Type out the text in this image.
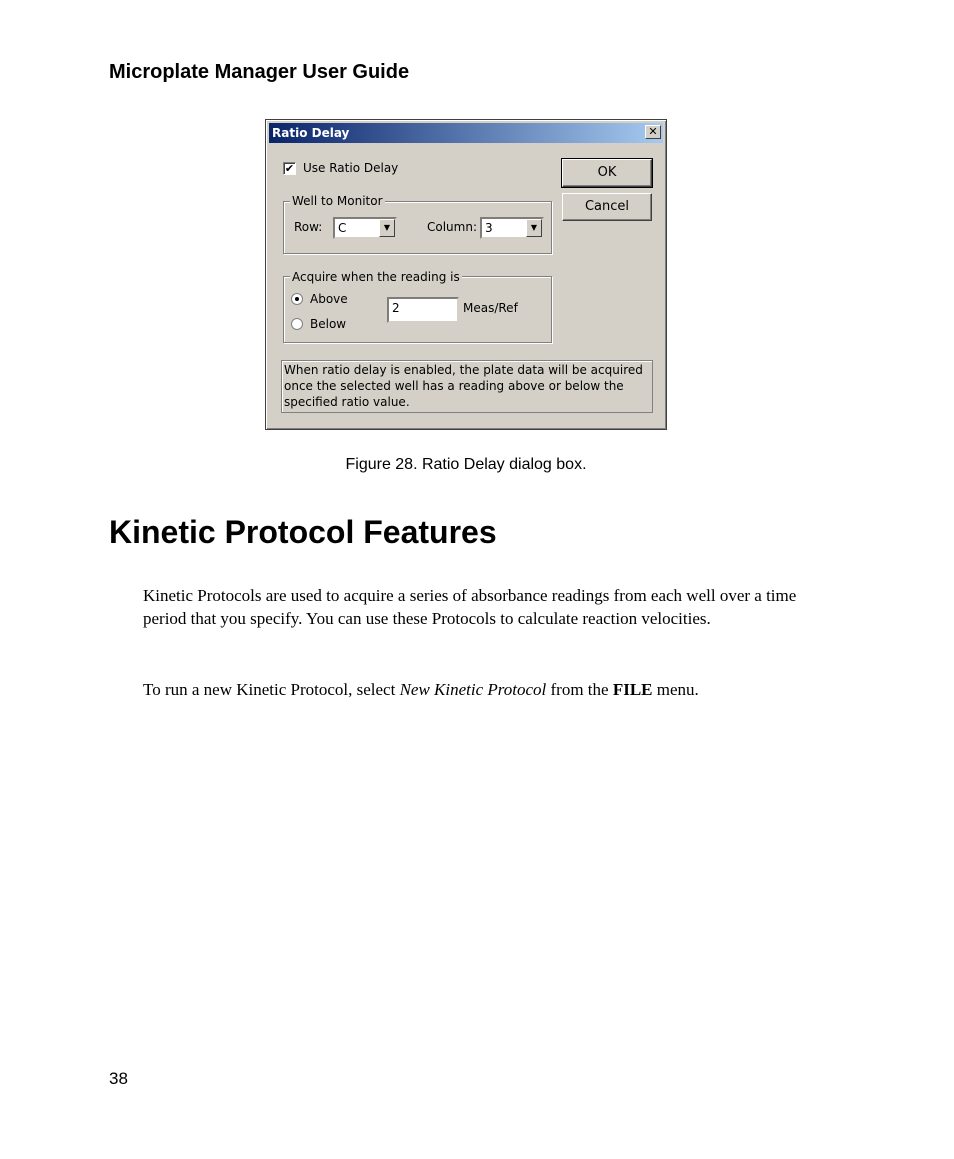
Microplate Manager User Guide
Ratio Delay	✕
✔ Use Ratio Delay	OK
Cancel
Well to Monitor
Row: C	▼	Column: 3	▼
Acquire when the reading is
Above
Below
2	Meas/Ref
When ratio delay is enabled, the plate data will be acquired once the selected well has a reading above or below the specified ratio value.
Figure 28. Ratio Delay dialog box.
Kinetic Protocol Features
Kinetic Protocols are used to acquire a series of absorbance readings from each well over a time period that you specify. You can use these Protocols to calculate reaction velocities.
To run a new Kinetic Protocol, select New Kinetic Protocol from the FILE menu.
38
